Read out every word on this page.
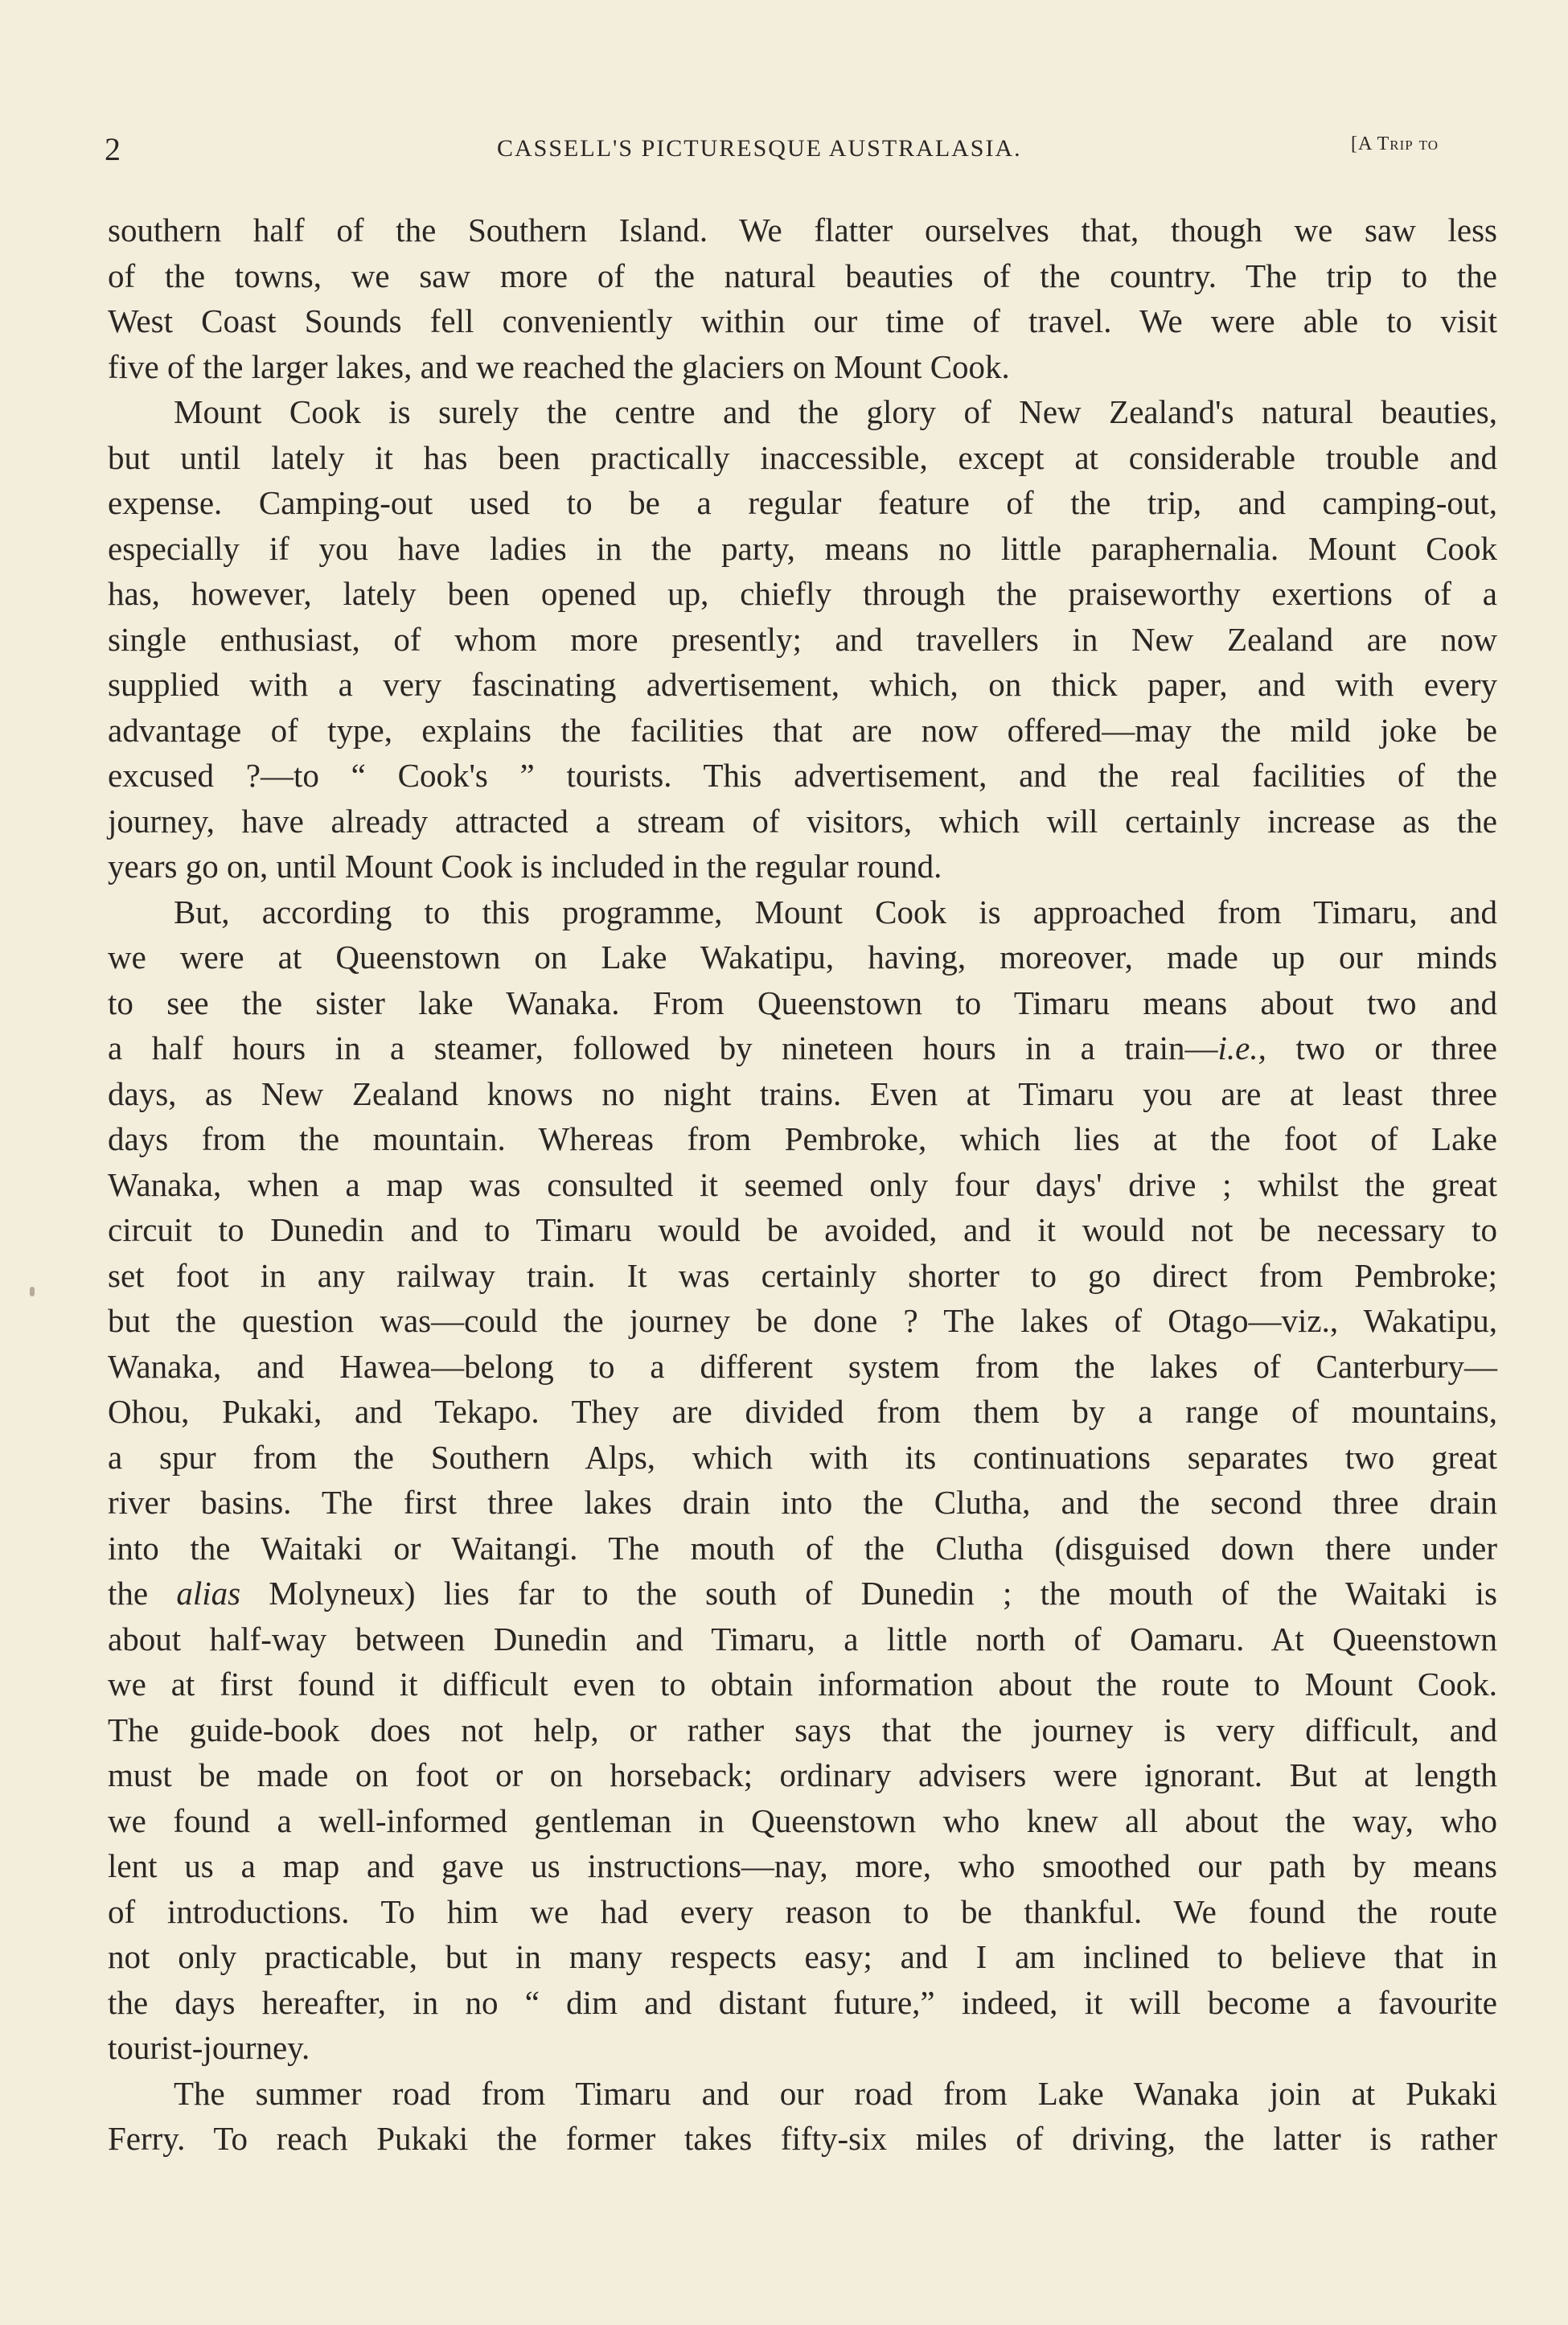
2	CASSELL'S PICTURESQUE AUSTRALASIA.	[A Trip to
southern half of the Southern Island. We flatter ourselves that, though we saw less
of the towns, we saw more of the natural beauties of the country. The trip to the
West Coast Sounds fell conveniently within our time of travel. We were able to visit
five of the larger lakes, and we reached the glaciers on Mount Cook.
Mount Cook is surely the centre and the glory of New Zealand's natural beauties,
but until lately it has been practically inaccessible, except at considerable trouble and
expense. Camping-out used to be a regular feature of the trip, and camping-out,
especially if you have ladies in the party, means no little paraphernalia. Mount Cook
has, however, lately been opened up, chiefly through the praiseworthy exertions of a
single enthusiast, of whom more presently; and travellers in New Zealand are now
supplied with a very fascinating advertisement, which, on thick paper, and with every
advantage of type, explains the facilities that are now offered—may the mild joke be
excused ?—to “ Cook's ” tourists. This advertisement, and the real facilities of the
journey, have already attracted a stream of visitors, which will certainly increase as the
years go on, until Mount Cook is included in the regular round.
But, according to this programme, Mount Cook is approached from Timaru, and
we were at Queenstown on Lake Wakatipu, having, moreover, made up our minds
to see the sister lake Wanaka. From Queenstown to Timaru means about two and
a half hours in a steamer, followed by nineteen hours in a train—i.e., two or three
days, as New Zealand knows no night trains. Even at Timaru you are at least three
days from the mountain. Whereas from Pembroke, which lies at the foot of Lake
Wanaka, when a map was consulted it seemed only four days' drive ; whilst the great
circuit to Dunedin and to Timaru would be avoided, and it would not be necessary to
set foot in any railway train. It was certainly shorter to go direct from Pembroke;
but the question was—could the journey be done ? The lakes of Otago—viz., Wakatipu,
Wanaka, and Hawea—belong to a different system from the lakes of Canterbury—
Ohou, Pukaki, and Tekapo. They are divided from them by a range of mountains,
a spur from the Southern Alps, which with its continuations separates two great
river basins. The first three lakes drain into the Clutha, and the second three drain
into the Waitaki or Waitangi. The mouth of the Clutha (disguised down there under
the alias Molyneux) lies far to the south of Dunedin ; the mouth of the Waitaki is
about half-way between Dunedin and Timaru, a little north of Oamaru. At Queenstown
we at first found it difficult even to obtain information about the route to Mount Cook.
The guide-book does not help, or rather says that the journey is very difficult, and
must be made on foot or on horseback; ordinary advisers were ignorant. But at length
we found a well-informed gentleman in Queenstown who knew all about the way, who
lent us a map and gave us instructions—nay, more, who smoothed our path by means
of introductions. To him we had every reason to be thankful. We found the route
not only practicable, but in many respects easy; and I am inclined to believe that in
the days hereafter, in no “ dim and distant future,” indeed, it will become a favourite
tourist-journey.
The summer road from Timaru and our road from Lake Wanaka join at Pukaki
Ferry. To reach Pukaki the former takes fifty-six miles of driving, the latter is rather
